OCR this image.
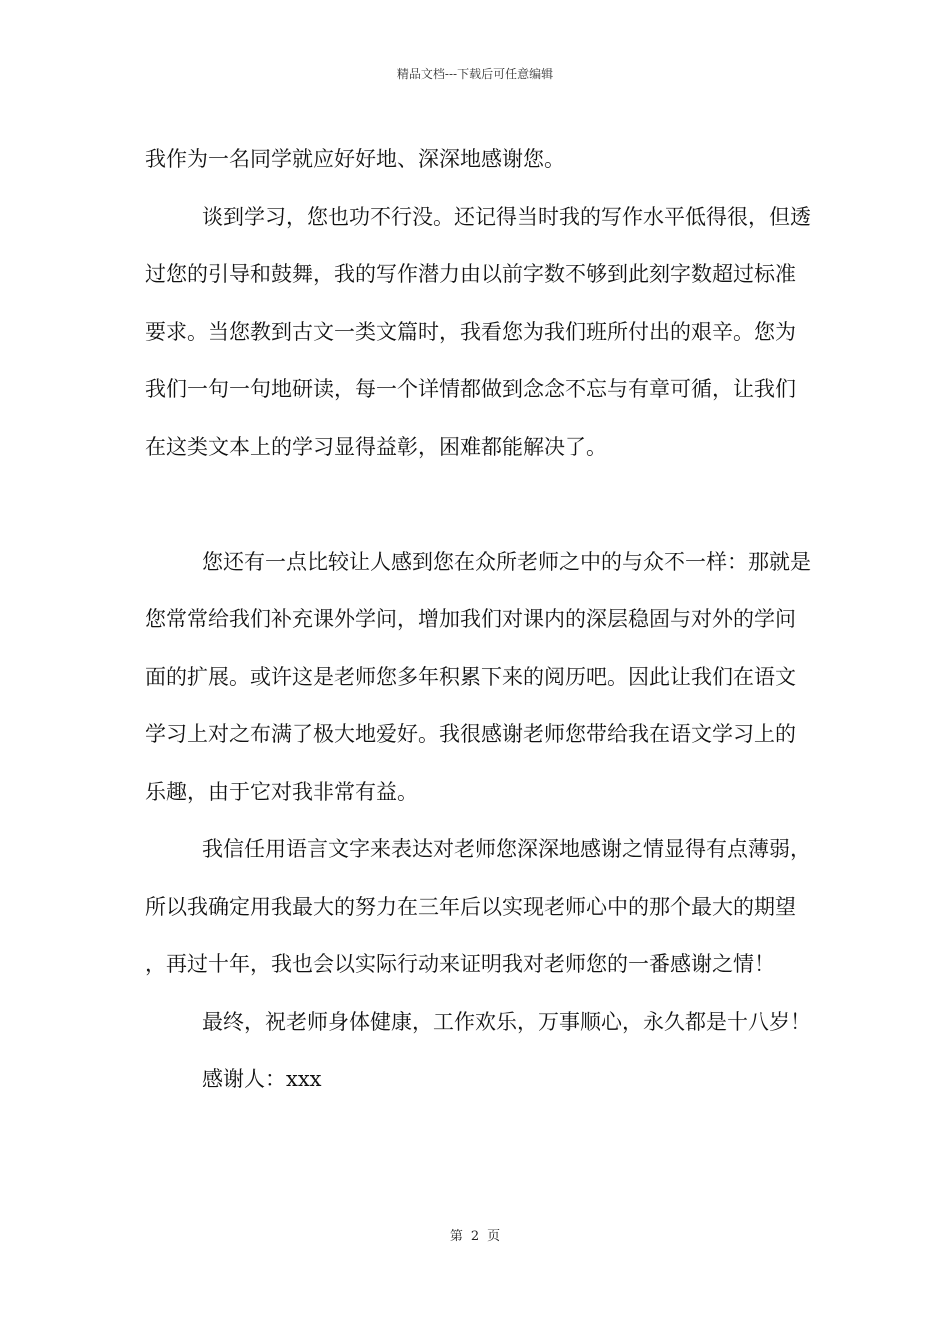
精品文档---下载后可任意编辑

我作为一名同学就应好好地、深深地感谢您。

谈到学习，您也功不行没。还记得当时我的写作水平低得很，但透过您的引导和鼓舞，我的写作潜力由以前字数不够到此刻字数超过标准要求。当您教到古文一类文篇时，我看您为我们班所付出的艰辛。您为我们一句一句地研读，每一个详情都做到念念不忘与有章可循，让我们在这类文本上的学习显得益彰，困难都能解决了。

您还有一点比较让人感到您在众所老师之中的与众不一样：那就是您常常给我们补充课外学问，增加我们对课内的深层稳固与对外的学问面的扩展。或许这是老师您多年积累下来的阅历吧。因此让我们在语文学习上对之布满了极大地爱好。我很感谢老师您带给我在语文学习上的乐趣，由于它对我非常有益。

我信任用语言文字来表达对老师您深深地感谢之情显得有点薄弱，所以我确定用我最大的努力在三年后以实现老师心中的那个最大的期望，再过十年，我也会以实际行动来证明我对老师您的一番感谢之情！

最终，祝老师身体健康，工作欢乐，万事顺心，永久都是十八岁！

感谢人：xxx

第 2 页
